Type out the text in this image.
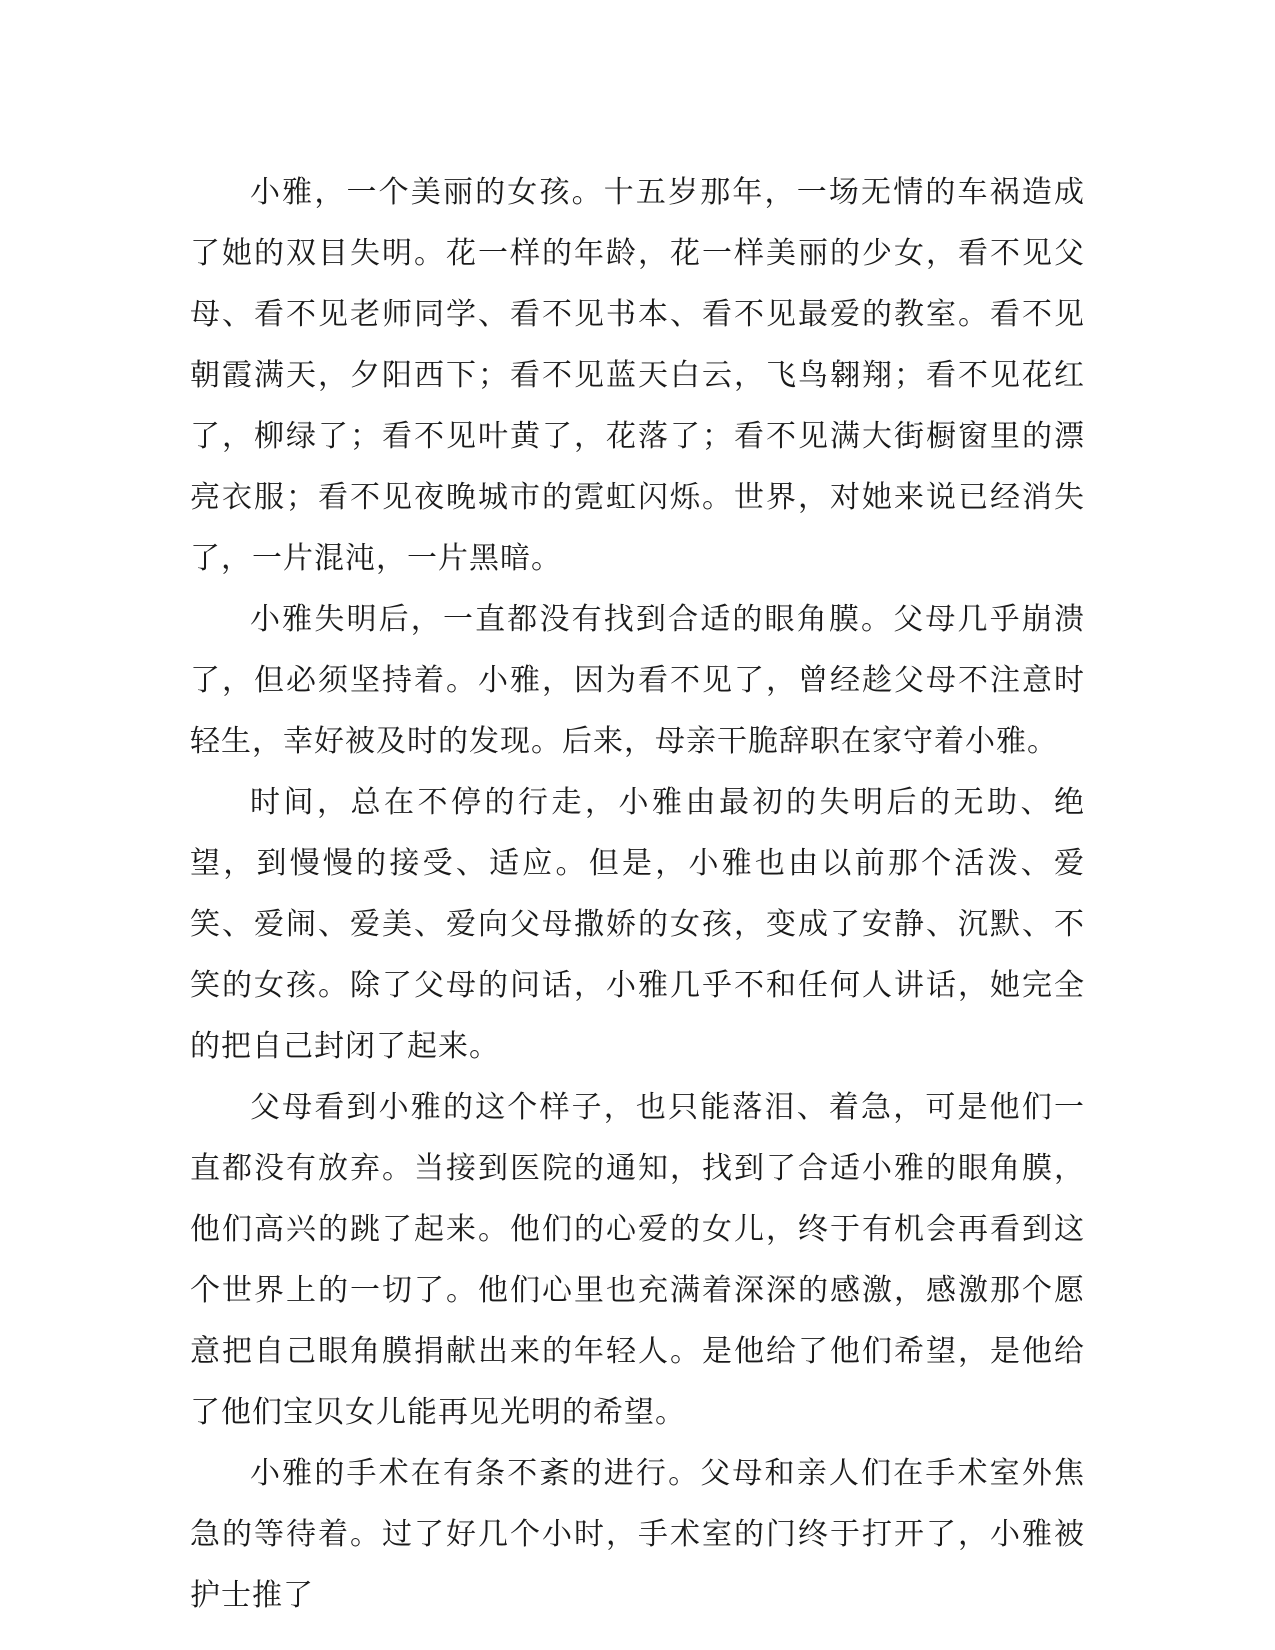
小雅，一个美丽的女孩。十五岁那年，一场无情的车祸造成了她的双目失明。花一样的年龄，花一样美丽的少女，看不见父母、看不见老师同学、看不见书本、看不见最爱的教室。看不见朝霞满天，夕阳西下；看不见蓝天白云，飞鸟翱翔；看不见花红了，柳绿了；看不见叶黄了，花落了；看不见满大街橱窗里的漂亮衣服；看不见夜晚城市的霓虹闪烁。世界，对她来说已经消失了，一片混沌，一片黑暗。

小雅失明后，一直都没有找到合适的眼角膜。父母几乎崩溃了，但必须坚持着。小雅，因为看不见了，曾经趁父母不注意时轻生，幸好被及时的发现。后来，母亲干脆辞职在家守着小雅。

时间，总在不停的行走，小雅由最初的失明后的无助、绝望，到慢慢的接受、适应。但是，小雅也由以前那个活泼、爱笑、爱闹、爱美、爱向父母撒娇的女孩，变成了安静、沉默、不笑的女孩。除了父母的问话，小雅几乎不和任何人讲话，她完全的把自己封闭了起来。

父母看到小雅的这个样子，也只能落泪、着急，可是他们一直都没有放弃。当接到医院的通知，找到了合适小雅的眼角膜，他们高兴的跳了起来。他们的心爱的女儿，终于有机会再看到这个世界上的一切了。他们心里也充满着深深的感激，感激那个愿意把自己眼角膜捐献出来的年轻人。是他给了他们希望，是他给了他们宝贝女儿能再见光明的希望。

小雅的手术在有条不紊的进行。父母和亲人们在手术室外焦急的等待着。过了好几个小时，手术室的门终于打开了，小雅被护士推了
